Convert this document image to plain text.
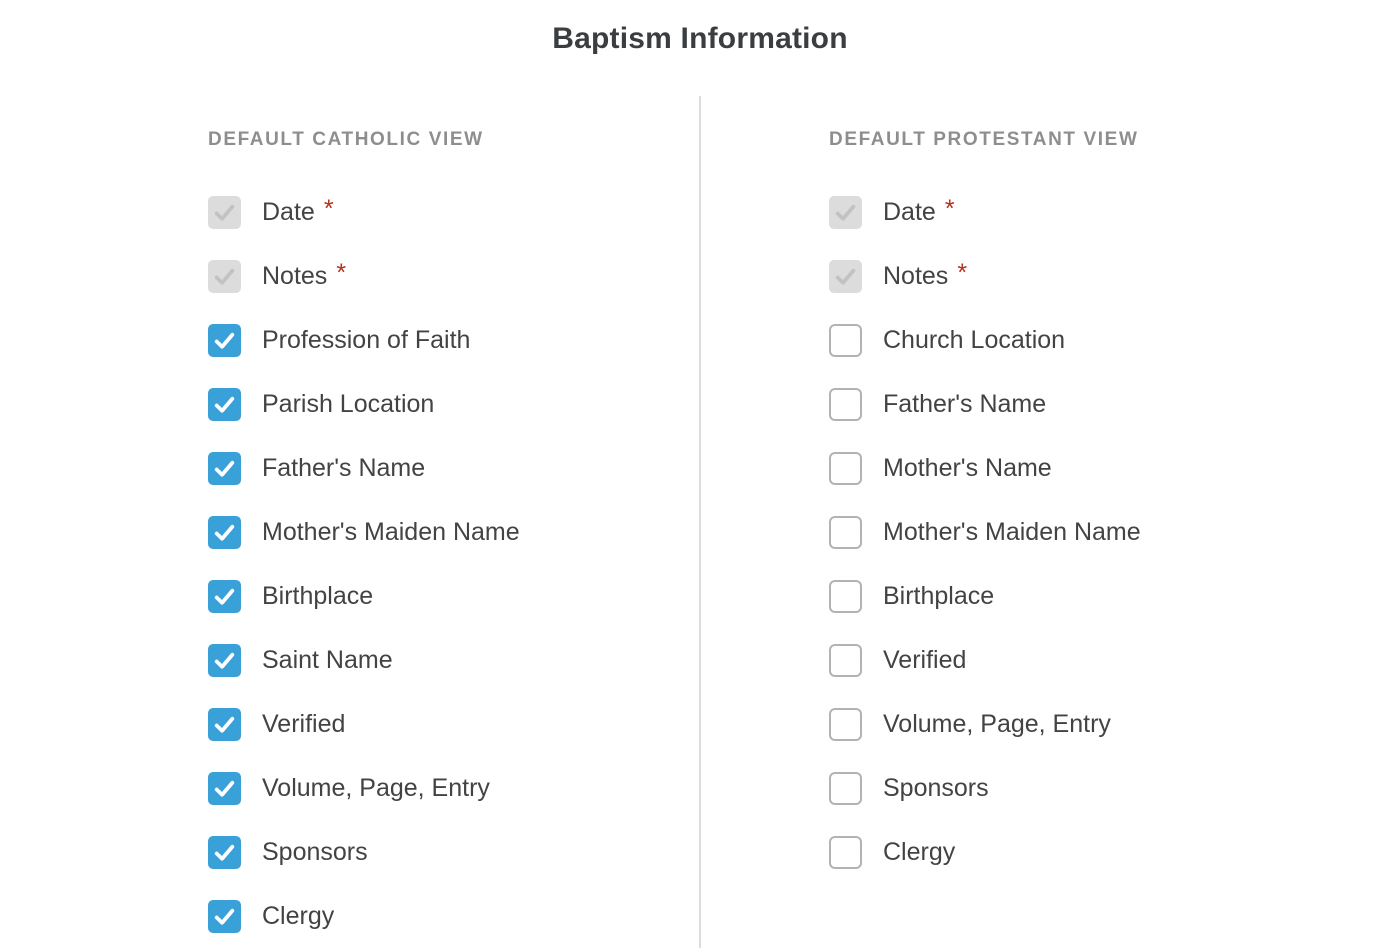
Baptism Information
DEFAULT CATHOLIC VIEW
Date *
Notes *
Profession of Faith
Parish Location
Father's Name
Mother's Maiden Name
Birthplace
Saint Name
Verified
Volume, Page, Entry
Sponsors
Clergy
DEFAULT PROTESTANT VIEW
Date *
Notes *
Church Location
Father's Name
Mother's Name
Mother's Maiden Name
Birthplace
Verified
Volume, Page, Entry
Sponsors
Clergy
